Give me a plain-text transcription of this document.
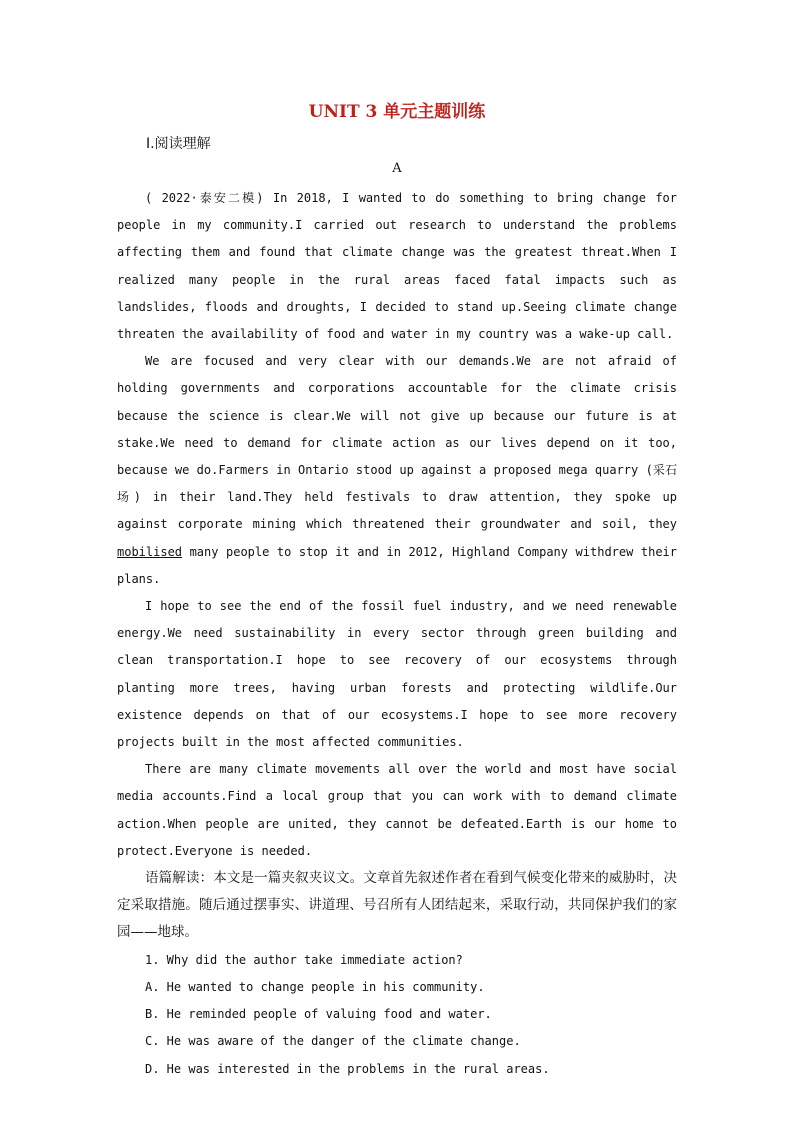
UNIT 3 单元主题训练
Ⅰ.阅读理解
A

( 2022·泰安二模) In 2018, I wanted to do something to bring change for people in my community.I carried out research to understand the problems affecting them and found that climate change was the greatest threat.When I realized many people in the rural areas faced fatal impacts such as landslides, floods and droughts, I decided to stand up.Seeing climate change threaten the availability of food and water in my country was a wake-up call.

We are focused and very clear with our demands.We are not afraid of holding governments and corporations accountable for the climate crisis because the science is clear.We will not give up because our future is at stake.We need to demand for climate action as our lives depend on it too, because we do.Farmers in Ontario stood up against a proposed mega quarry (采石场) in their land.They held festivals to draw attention, they spoke up against corporate mining which threatened their groundwater and soil, they mobilised many people to stop it and in 2012, Highland Company withdrew their plans.

I hope to see the end of the fossil fuel industry, and we need renewable energy.We need sustainability in every sector through green building and clean transportation.I hope to see recovery of our ecosystems through planting more trees, having urban forests and protecting wildlife.Our existence depends on that of our ecosystems.I hope to see more recovery projects built in the most affected communities.

There are many climate movements all over the world and most have social media accounts.Find a local group that you can work with to demand climate action.When people are united, they cannot be defeated.Earth is our home to protect.Everyone is needed.

语篇解读：本文是一篇夹叙夹议文。文章首先叙述作者在看到气候变化带来的威胁时，决定采取措施。随后通过摆事实、讲道理、号召所有人团结起来，采取行动，共同保护我们的家园——地球。

1. Why did the author take immediate action?

A. He wanted to change people in his community.

B. He reminded people of valuing food and water.

C. He was aware of the danger of the climate change.

D. He was interested in the problems in the rural areas.
